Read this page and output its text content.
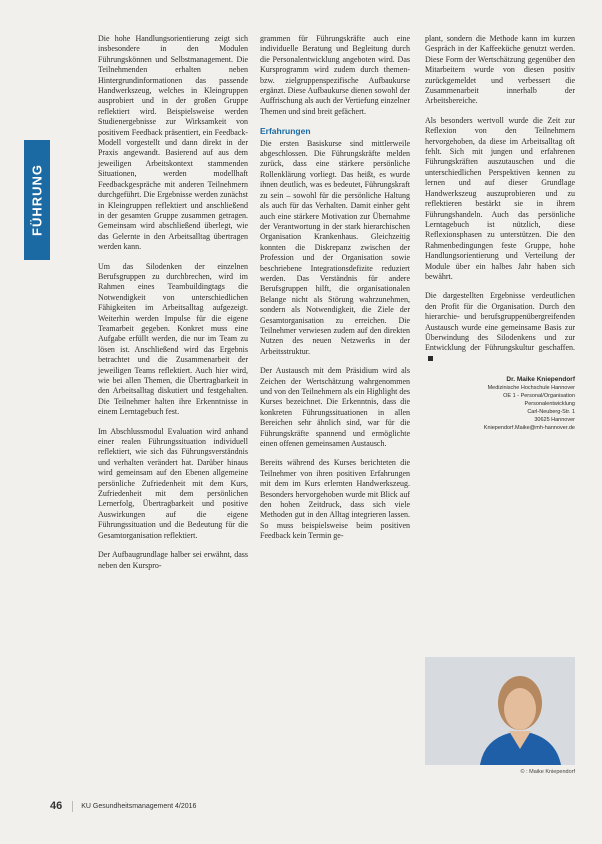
FÜHRUNG

Die hohe Handlungsorientierung zeigt sich insbesondere in den Modulen Führungskönnen und Selbstmanagement. Die Teilnehmenden erhalten neben Hintergrundinformationen das passende Handwerkszeug, welches in Kleingruppen ausprobiert und in der großen Gruppe reflektiert wird. Beispielsweise werden Studienergebnisse zur Wirksamkeit von positivem Feedback präsentiert, ein Feedback-Modell vorgestellt und dann direkt in der Praxis angewandt. Basierend auf aus dem jeweiligen Arbeitskontext stammenden Situationen, werden modellhaft Feedbackgespräche mit anderen Teilnehmern durchgeführt. Die Ergebnisse werden zunächst in Kleingruppen reflektiert und anschließend in der gesamten Gruppe zusammen getragen. Gemeinsam wird abschließend überlegt, wie das Gelernte in den Arbeitsalltag übertragen werden kann.

Um das Silodenken der einzelnen Berufsgruppen zu durchbrechen, wird im Rahmen eines Teambuildingtags die Notwendigkeit von unterschiedlichen Fähigkeiten im Arbeitsalltag aufgezeigt. Weiterhin werden Impulse für die eigene Teamarbeit gegeben. Konkret muss eine Aufgabe erfüllt werden, die nur im Team zu lösen ist. Anschließend wird das Ergebnis betrachtet und die Zusammenarbeit der jeweiligen Teams reflektiert. Auch hier wird, wie bei allen Themen, die Übertragbarkeit in den Arbeitsalltag diskutiert und festgehalten. Die Teilnehmer halten ihre Erkenntnisse in einem Lerntagebuch fest.

Im Abschlussmodul Evaluation wird anhand einer realen Führungssituation individuell reflektiert, wie sich das Führungsverständnis und verhalten verändert hat. Darüber hinaus wird gemeinsam auf den Ebenen allgemeine persönliche Zufriedenheit mit dem Kurs, Zufriedenheit mit dem persönlichen Lernerfolg, Übertragbarkeit und positive Auswirkungen auf die eigene Führungssituation und die Bedeutung für die Gesamtorganisation reflektiert.

Der Aufbaugrundlage halber sei erwähnt, dass neben den Kurspro-

grammen für Führungskräfte auch eine individuelle Beratung und Begleitung durch die Personalentwicklung angeboten wird. Das Kursprogramm wird zudem durch themen- bzw. zielgruppenspezifische Aufbaukurse ergänzt. Diese Aufbaukurse dienen sowohl der Auffrischung als auch der Vertiefung einzelner Themen und sind breit gefächert.

Erfahrungen

Die ersten Basiskurse sind mittlerweile abgeschlossen. Die Führungskräfte melden zurück, dass eine stärkere persönliche Rollenklärung vorliegt. Das heißt, es wurde ihnen deutlich, was es bedeutet, Führungskraft zu sein – sowohl für die persönliche Haltung als auch für das Verhalten. Damit einher geht auch eine stärkere Motivation zur Übernahme der Verantwortung in der stark hierarchischen Organisation Krankenhaus. Gleichzeitig konnten die Diskrepanz zwischen der Profession und der Organisation sowie beschriebene Integrationsdefizite reduziert werden. Das Verständnis für andere Berufsgruppen hilft, die organisationalen Belange nicht als Störung wahrzunehmen, sondern als Notwendigkeit, die Ziele der Gesamtorganisation zu erreichen. Die Teilnehmer verwiesen zudem auf den direkten Nutzen des neuen Netzwerks in der Arbeitsstruktur.

Der Austausch mit dem Präsidium wird als Zeichen der Wertschätzung wahrgenommen und von den Teilnehmern als ein Highlight des Kurses bezeichnet. Die Erkenntnis, dass die konkreten Führungssituationen in allen Bereichen sehr ähnlich sind, war für die Führungskräfte spannend und ermöglichte einen offenen gemeinsamen Austausch.

Bereits während des Kurses berichteten die Teilnehmer von ihren positiven Erfahrungen mit dem im Kurs erlernten Handwerkszeug. Besonders hervorgehoben wurde mit Blick auf den hohen Zeitdruck, dass sich viele Methoden gut in den Alltag integrieren lassen. So muss beispielsweise beim positiven Feedback kein Termin ge-

plant, sondern die Methode kann im kurzen Gespräch in der Kaffeeküche genutzt werden. Diese Form der Wertschätzung gegenüber den Mitarbeitern wurde von diesen positiv zurückgemeldet und verbessert die Zusammenarbeit innerhalb der Arbeitsbereiche.

Als besonders wertvoll wurde die Zeit zur Reflexion von den Teilnehmern hervorgehoben, da diese im Arbeitsalltag oft fehlt. Sich mit jungen und erfahrenen Führungskräften auszutauschen und die unterschiedlichen Perspektiven kennen zu lernen und auf dieser Grundlage Handwerkszeug auszuprobieren und zu reflektieren bestärkt sie in ihrem Führungshandeln. Auch das persönliche Lerntagebuch ist nützlich, diese Reflexionsphasen zu unterstützen. Die den Rahmenbedingungen feste Gruppe, hohe Handlungsorientierung und Verteilung der Module über ein halbes Jahr haben sich bewährt.

Die dargestellten Ergebnisse verdeutlichen den Profit für die Organisation. Durch den hierarchie- und berufsgruppenübergreifenden Austausch wurde eine gemeinsame Basis zur Überwindung des Silodenkens und zur Entwicklung der Führungskultur geschaffen.

Dr. Maike Kniependorf
Medizinische Hochschule Hannover
OE 1 - Personal/Organisation
Personalentwicklung
Carl-Neuberg-Str. 1
30625 Hannover
Kniependorf.Maike@mh-hannover.de
© : Maike Kniependorf
46	KU Gesundheitsmanagement 4/2016
